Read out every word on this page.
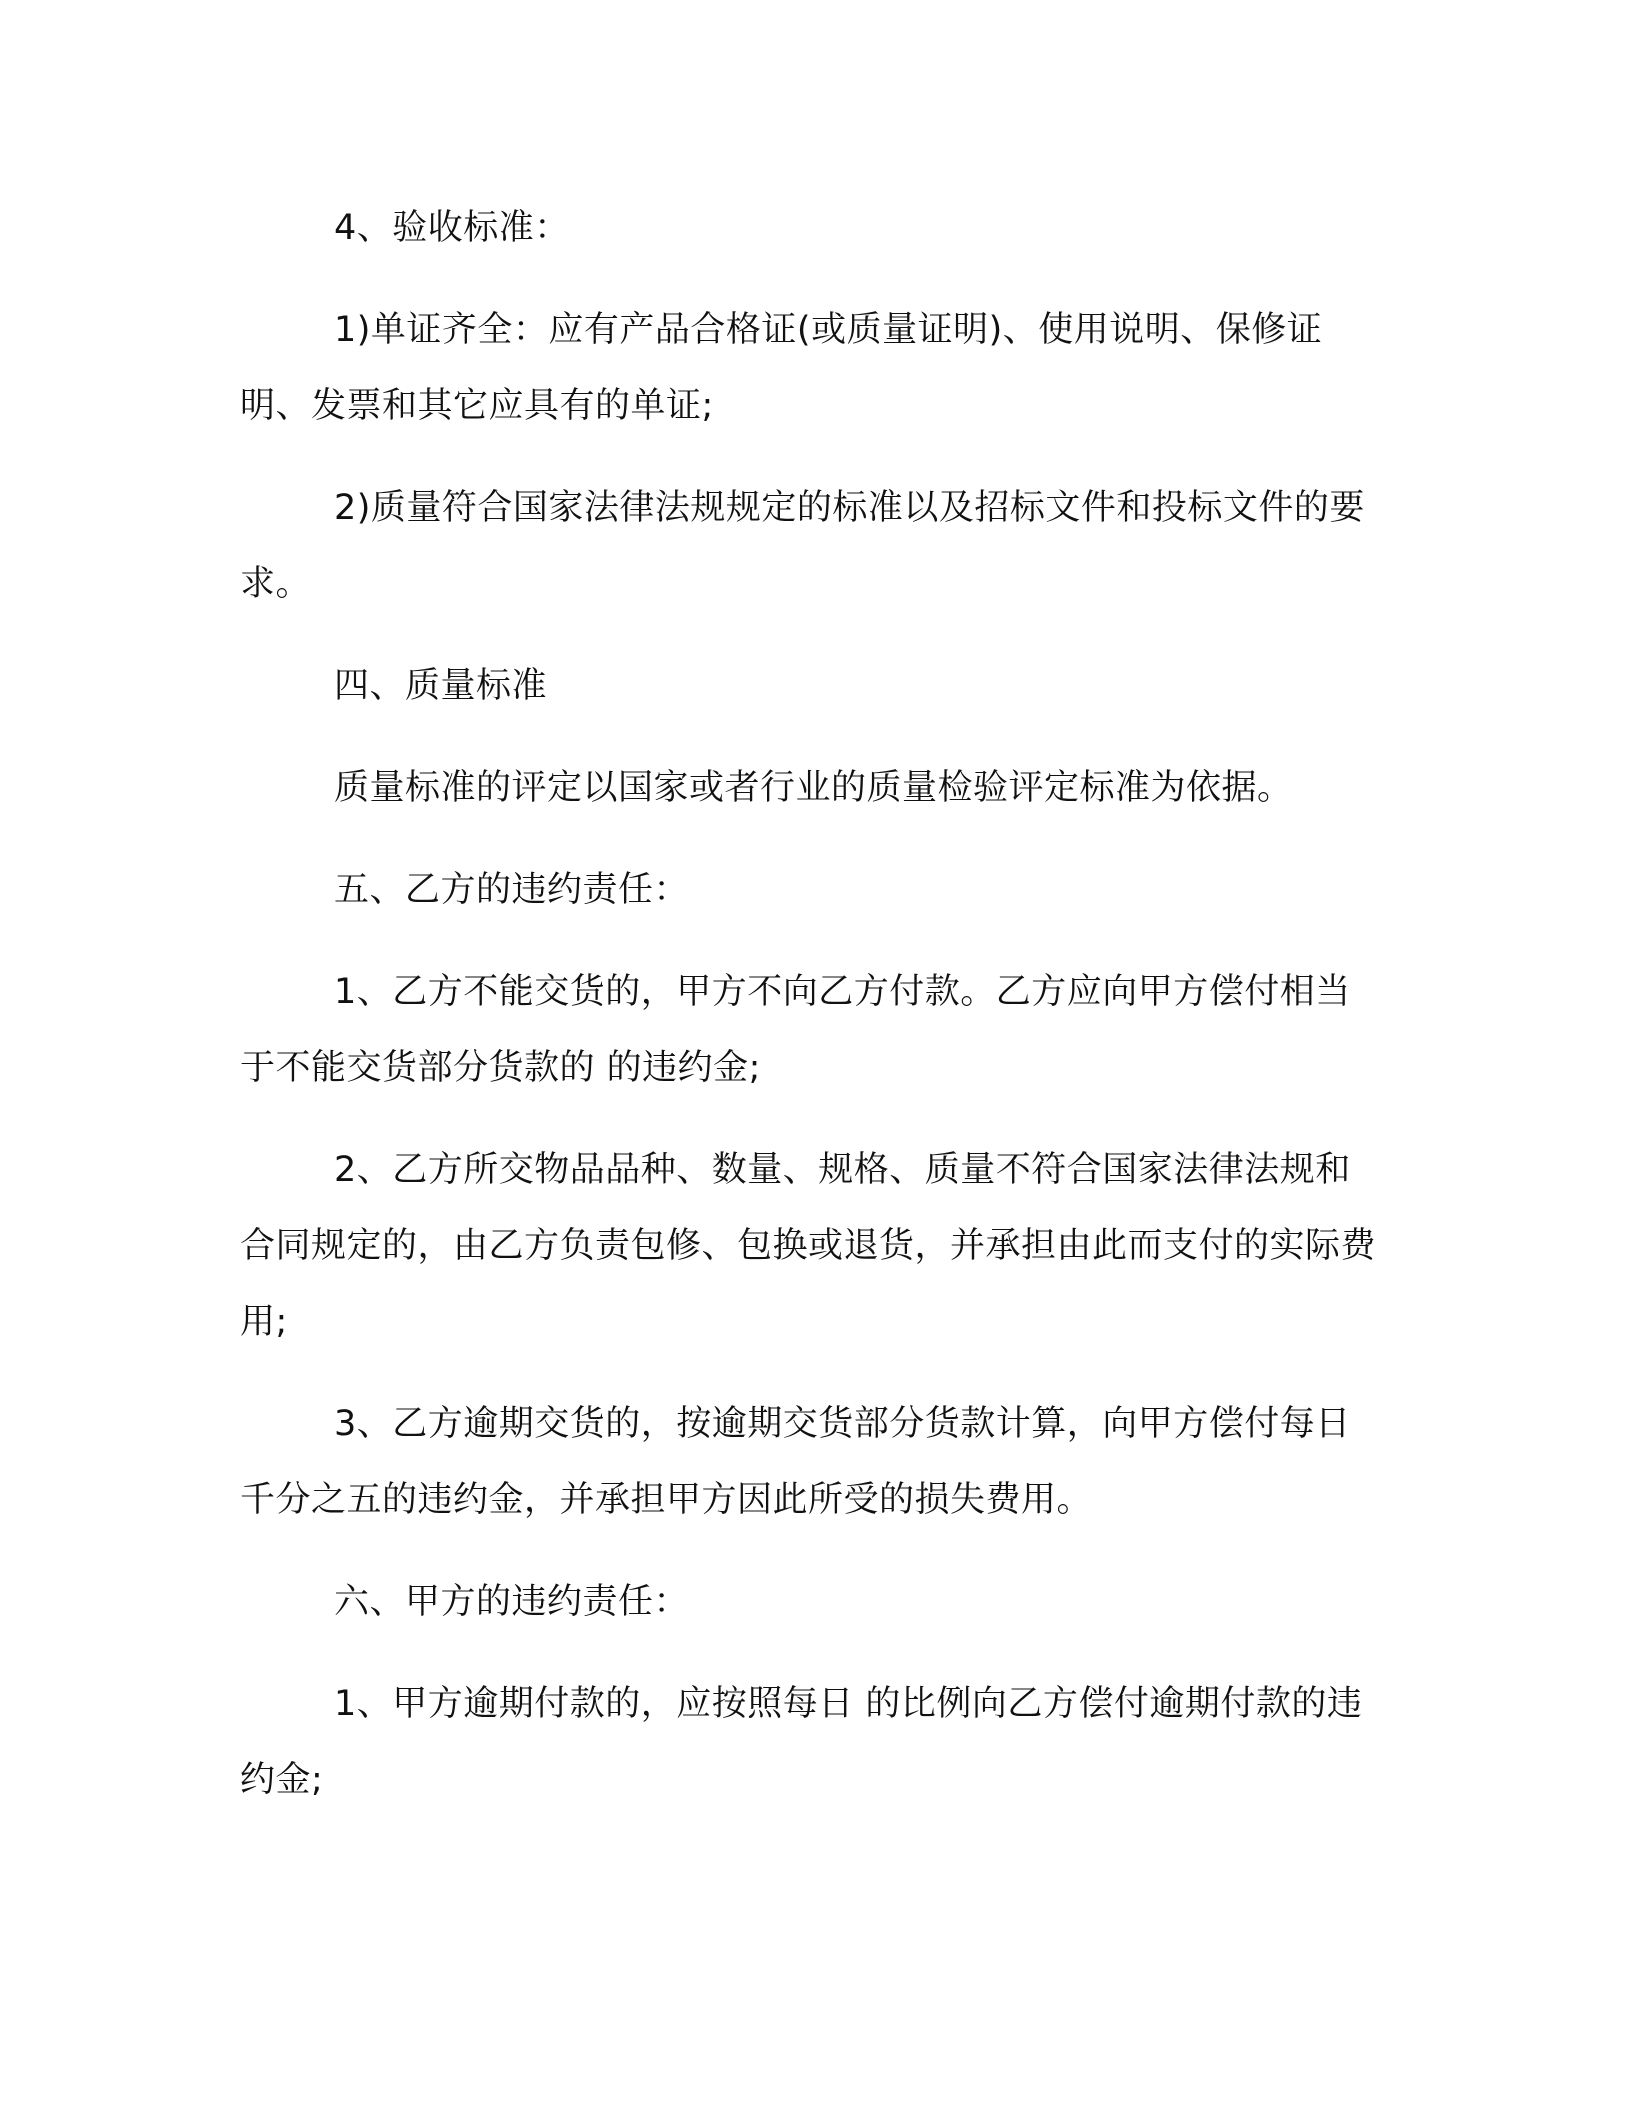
4、验收标准：

1)单证齐全：应有产品合格证(或质量证明)、使用说明、保修证明、发票和其它应具有的单证;

2)质量符合国家法律法规规定的标准以及招标文件和投标文件的要求。

四、质量标准

质量标准的评定以国家或者行业的质量检验评定标准为依据。

五、乙方的违约责任：

1、乙方不能交货的，甲方不向乙方付款。乙方应向甲方偿付相当于不能交货部分货款的 的违约金;

2、乙方所交物品品种、数量、规格、质量不符合国家法律法规和合同规定的，由乙方负责包修、包换或退货，并承担由此而支付的实际费用;

3、乙方逾期交货的，按逾期交货部分货款计算，向甲方偿付每日千分之五的违约金，并承担甲方因此所受的损失费用。

六、甲方的违约责任：

1、甲方逾期付款的，应按照每日 的比例向乙方偿付逾期付款的违约金;
